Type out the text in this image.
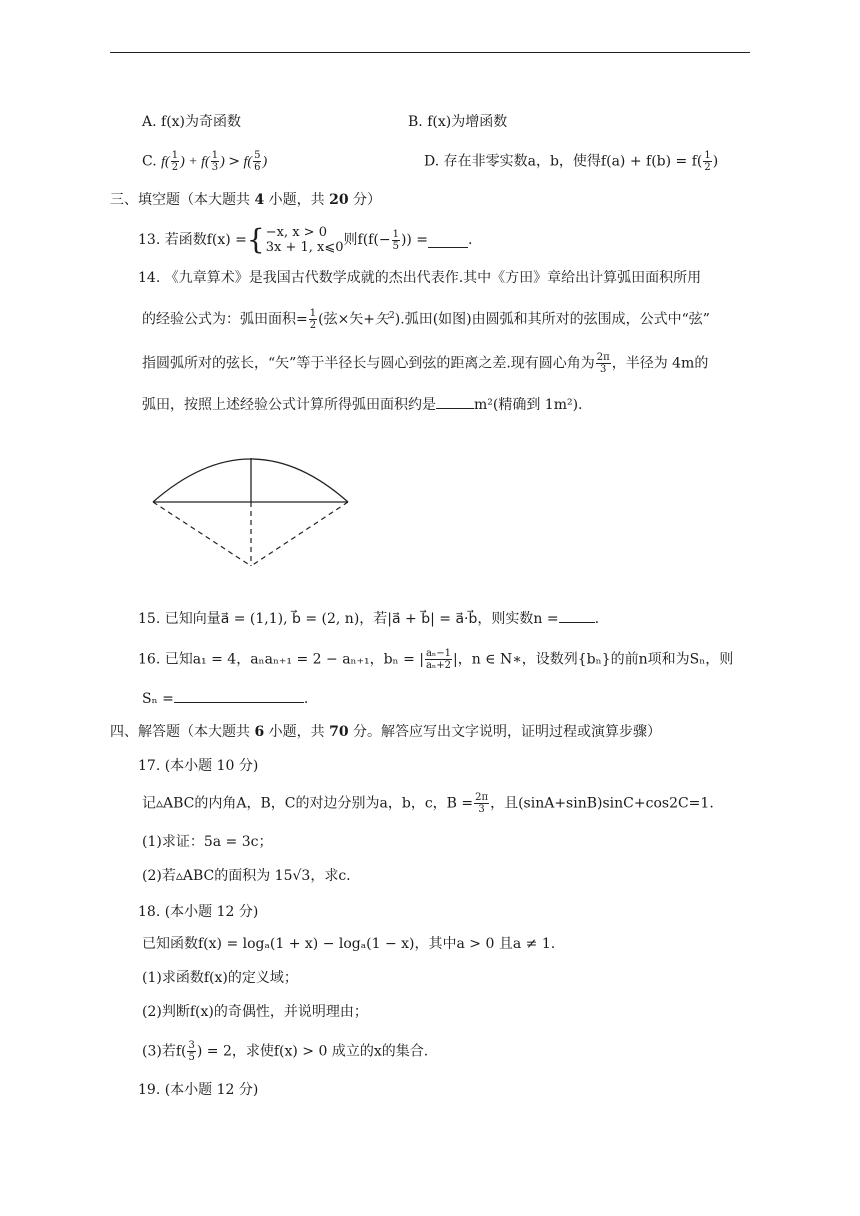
A. f(x)为奇函数	B. f(x)为增函数
C. $f( \frac{1}{2}$ ) + $f( \frac{1}{3}$ ) > $f( \frac{5}{6}$ )	D. 存在非零实数a，b，使得$f(a) + f(b) = f( \frac{1}{2}$ )
三、填空题（本大题共 4 小题，共 20 分）
13. 若函数f(x) = { −x, x > 0
3x + 1, x⩽0 则$f(f(- \frac{1}{5}$ )) =	.
14. 《九章算术》是我国古代数学成就的杰出代表作.其中《方田》章给出计算弧田面积所用
的经验公式为：弧田面积= $\frac{1}{2}$ (弦×矢+矢$^2$).弧田(如图)由圆弧和其所对的弦围成，公式中“弦”
指圆弧所对的弦长，“矢”等于半径长与圆心到弦的距离之差.现有圆心角为 $\frac{2\pi}{3}$ ，半径为 4m的
弧田，按照上述经验公式计算所得弧田面积约是	m²(精确到 1m²).
15. 已知向量a⃗ = (1,1), b⃗ = (2, n)，若|a⃗ + b⃗| = a⃗·b⃗，则实数n =	.
16. 已知a₁ = 4，aₙaₙ₊₁ = 2 − aₙ₊₁，bₙ = | $\frac{\text{aₙ−1}}{\text{aₙ+2}}$ |，n ∈ N∗，设数列{bₙ}的前n项和为Sₙ，则
Sₙ =	.
四、解答题（本大题共 6 小题，共 70 分。解答应写出文字说明，证明过程或演算步骤）
17. (本小题 10 分)
记▵ABC的内角A，B，C的对边分别为a，b，c，$B = \frac{2\pi}{3}$ ，且(sinA+sinB)sinC+cos2C=1.
(1)求证：5a = 3c；
(2)若▵ABC的面积为 15√3，求c.
18. (本小题 12 分)
已知函数f(x) = logₐ(1 + x) − logₐ(1 − x)，其中a > 0 且a ≠ 1.
(1)求函数f(x)的定义域；
(2)判断f(x)的奇偶性，并说明理由；
(3)若$f( \frac{3}{5}$ ) = 2，求使f(x) > 0 成立的x的集合.
19. (本小题 12 分)
